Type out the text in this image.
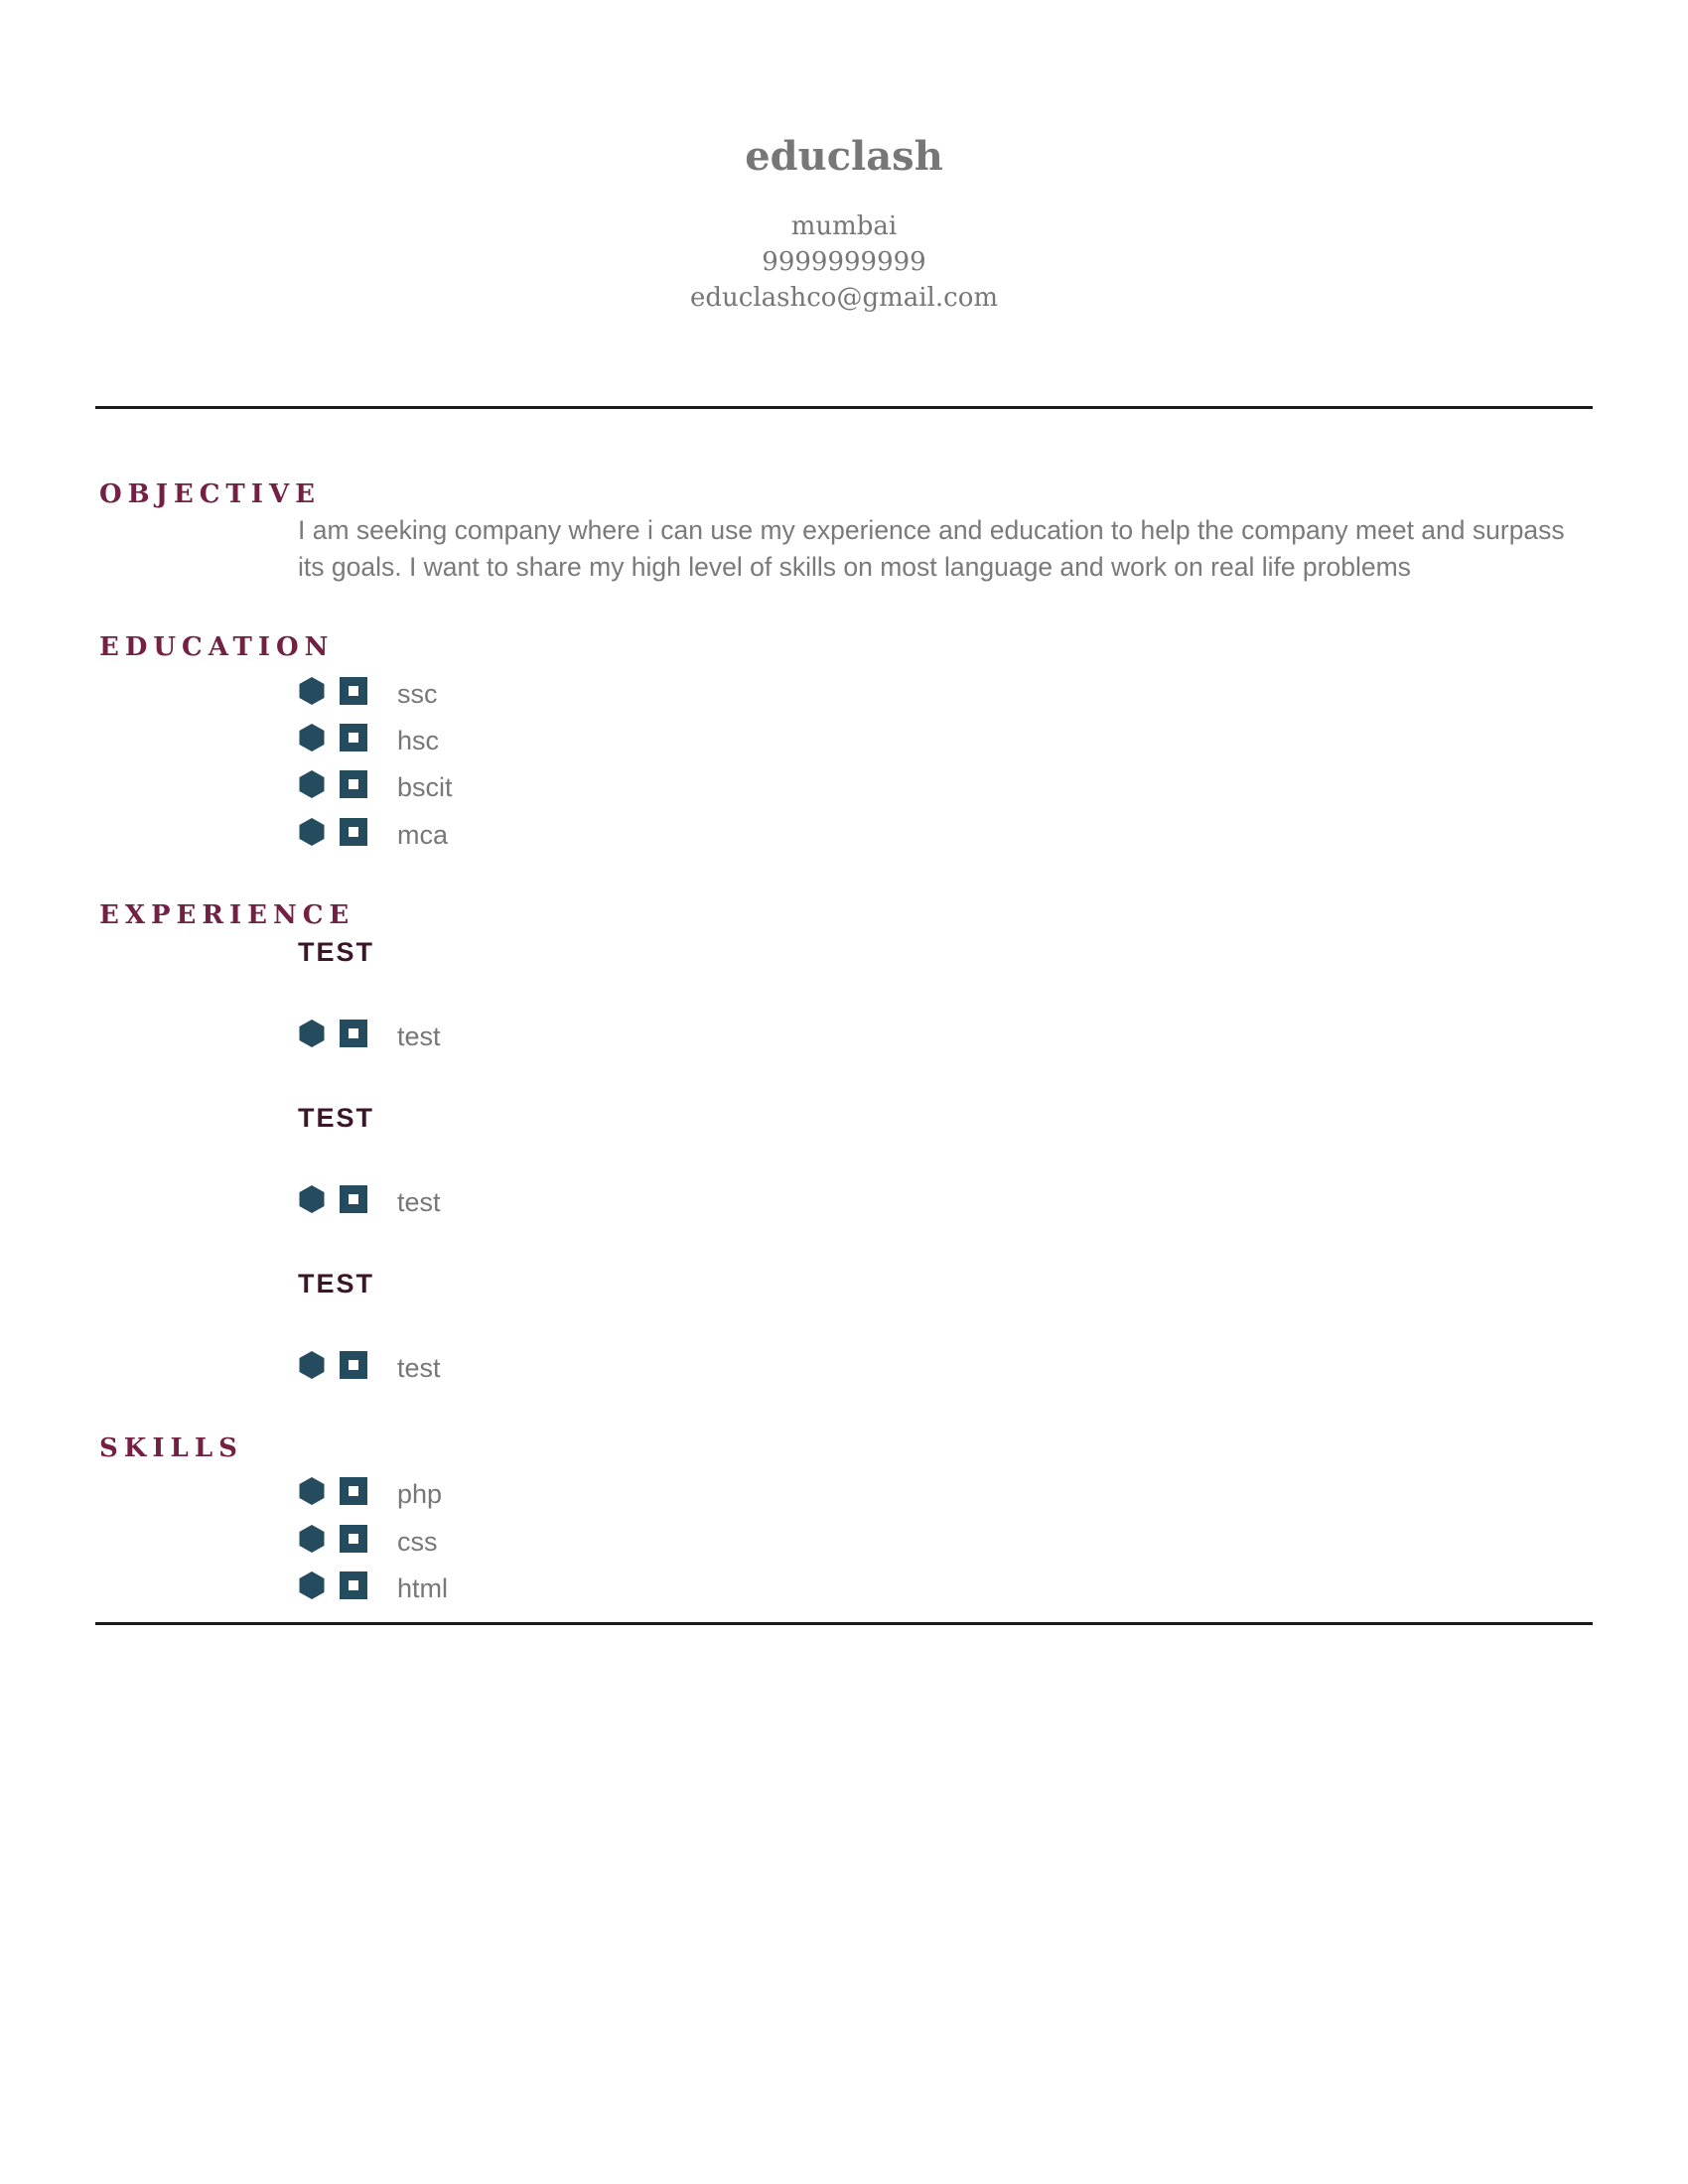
educlash
mumbai
9999999999
educlashco@gmail.com
OBJECTIVE
I am seeking company where i can use my experience and education to help the company meet and surpass its goals. I want to share my high level of skills on most language and work on real life problems
EDUCATION
ssc
hsc
bscit
mca
EXPERIENCE
TEST
test
TEST
test
TEST
test
SKILLS
php
css
html
